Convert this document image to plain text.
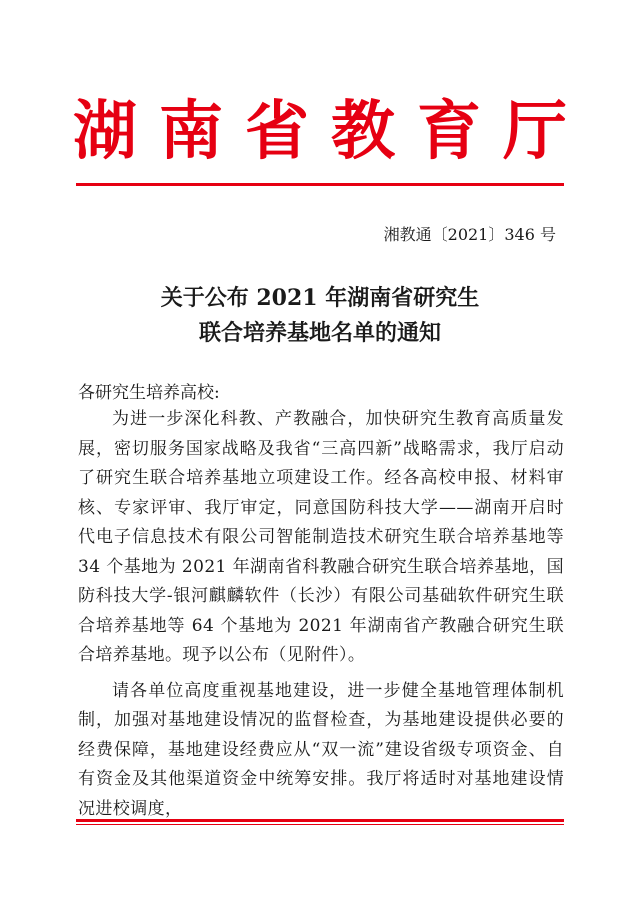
湖南省教育厅
湘教通〔2021〕346 号
关于公布 2021 年湖南省研究生
联合培养基地名单的通知
各研究生培养高校:

为进一步深化科教、产教融合，加快研究生教育高质量发展，密切服务国家战略及我省“三高四新”战略需求，我厅启动了研究生联合培养基地立项建设工作。经各高校申报、材料审核、专家评审、我厅审定，同意国防科技大学——湖南开启时代电子信息技术有限公司智能制造技术研究生联合培养基地等 34 个基地为 2021 年湖南省科教融合研究生联合培养基地，国防科技大学-银河麒麟软件（长沙）有限公司基础软件研究生联合培养基地等 64 个基地为 2021 年湖南省产教融合研究生联合培养基地。现予以公布（见附件）。

请各单位高度重视基地建设，进一步健全基地管理体制机制，加强对基地建设情况的监督检查，为基地建设提供必要的经费保障，基地建设经费应从“双一流”建设省级专项资金、自有资金及其他渠道资金中统筹安排。我厅将适时对基地建设情况进校调度，
